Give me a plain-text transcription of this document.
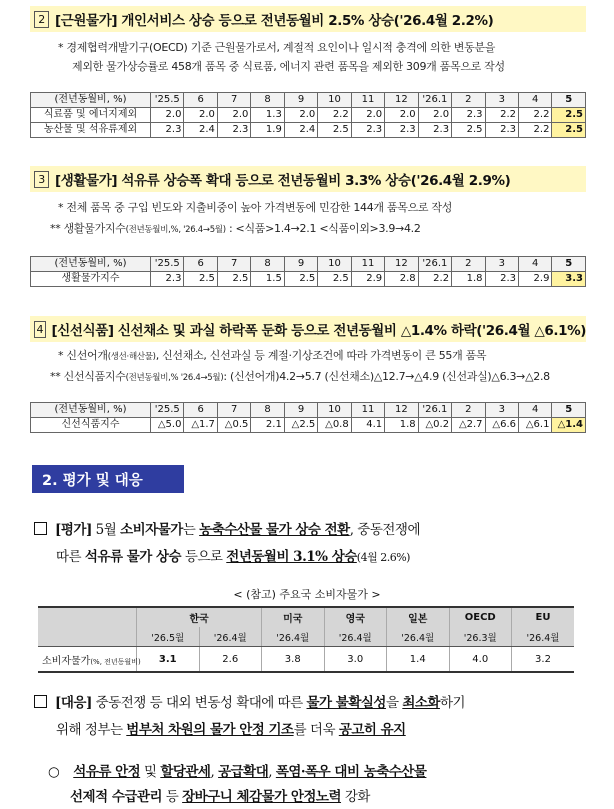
2 [근원물가] 개인서비스 상승 등으로 전년동월비 2.5% 상승('26.4월 2.2%)
* 경제협력개발기구(OECD) 기준 근원물가로서, 계절적 요인이나 일시적 충격에 의한 변동분을
제외한 물가상승률로 458개 품목 중 식료품, 에너지 관련 품목을 제외한 309개 품목으로 작성
(전년동월비, %)	'25.5	6	7	8	9	10	11	12	'26.1	2	3	4	5
식료품 및 에너지제외	2.0	2.0	2.0	1.3	2.0	2.2	2.0	2.0	2.0	2.3	2.2	2.2	2.5
농산물 및 석유류제외	2.3	2.4	2.3	1.9	2.4	2.5	2.3	2.3	2.3	2.5	2.3	2.2	2.5
3 [생활물가] 석유류 상승폭 확대 등으로 전년동월비 3.3% 상승('26.4월 2.9%)
* 전체 품목 중 구입 빈도와 지출비중이 높아 가격변동에 민감한 144개 품목으로 작성
** 생활물가지수(전년동월비,%, '26.4→5월) : <식품>1.4→2.1 <식품이외>3.9→4.2
(전년동월비, %)	'25.5	6	7	8	9	10	11	12	'26.1	2	3	4	5
생활물가지수	2.3	2.5	2.5	1.5	2.5	2.5	2.9	2.8	2.2	1.8	2.3	2.9	3.3
4 [신선식품] 신선채소 및 과실 하락폭 둔화 등으로 전년동월비 △1.4% 하락('26.4월 △6.1%)
* 신선어개(생선·해산물), 신선채소, 신선과실 등 계절·기상조건에 따라 가격변동이 큰 55개 품목
** 신선식품지수(전년동월비,% '26.4→5월): (신선어개)4.2→5.7 (신선채소)△12.7→△4.9 (신선과실)△6.3→△2.8
(전년동월비, %)	'25.5	6	7	8	9	10	11	12	'26.1	2	3	4	5
신선식품지수	△5.0	△1.7	△0.5	2.1	△2.5	△0.8	4.1	1.8	△0.2	△2.7	△6.6	△6.1	△1.4
2. 평가 및 대응
[평가] 5월 소비자물가는 농축수산물 물가 상승 전환, 중동전쟁에
따른 석유류 물가 상승 등으로 전년동월비 3.1% 상승(4월 2.6%)
< (참고) 주요국 소비자물가 >
	한국		미국	영국	일본	OECD	EU
	'26.5월	'26.4월	'26.4월	'26.4월	'26.4월	'26.3월	'26.4월
소비자물가(%, 전년동월비)	3.1	2.6	3.8	3.0	1.4	4.0	3.2
[대응] 중동전쟁 등 대외 변동성 확대에 따른 물가 불확실성을 최소화하기
위해 정부는 범부처 차원의 물가 안정 기조를 더욱 공고히 유지
○ 석유류 안정 및 할당관세, 공급확대, 폭염·폭우 대비 농축수산물
선제적 수급관리 등 장바구니 체감물가 안정노력 강화
